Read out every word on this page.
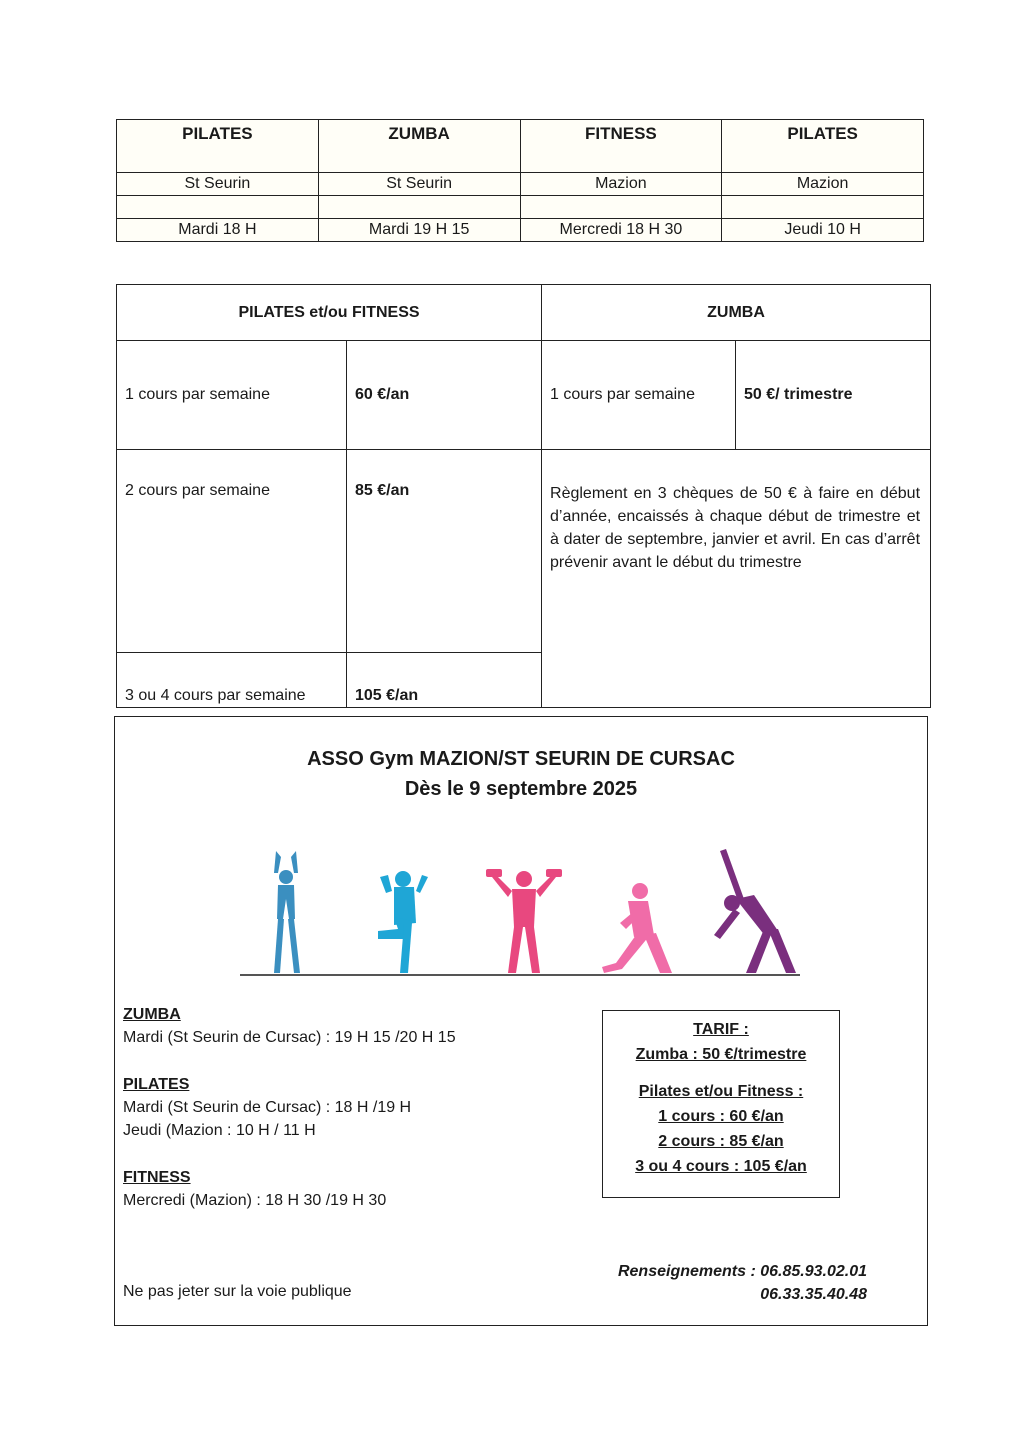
PILATES	ZUMBA	FITNESS	PILATES
St Seurin	St Seurin	Mazion	Mazion

Mardi 18 H	Mardi 19 H 15	Mercredi 18 H 30	Jeudi 10 H
PILATES et/ou FITNESS		ZUMBA	
1 cours par semaine	60 €/an	1 cours par semaine	50 €/ trimestre
2 cours par semaine	85 €/an	Règlement en 3 chèques de 50 € à faire en début d’année, encaissés à chaque début de trimestre et à dater de septembre, janvier et avril. En cas d’arrêt prévenir avant le début du trimestre	
3 ou 4 cours par semaine	105 €/an		
ASSO Gym MAZION/ST SEURIN DE CURSAC
Dès le 9 septembre 2025
ZUMBA
Mardi (St Seurin de Cursac) : 19 H 15 /20 H 15
PILATES
Mardi (St Seurin de Cursac) : 18 H /19 H
Jeudi (Mazion : 10 H / 11 H
FITNESS
Mercredi (Mazion) : 18 H 30 /19 H 30
TARIF :
Zumba : 50 €/trimestre
Pilates et/ou Fitness :
1 cours : 60 €/an
2 cours : 85 €/an
3 ou 4 cours : 105 €/an
Renseignements : 06.85.93.02.01
06.33.35.40.48
Ne pas jeter sur la voie publique
